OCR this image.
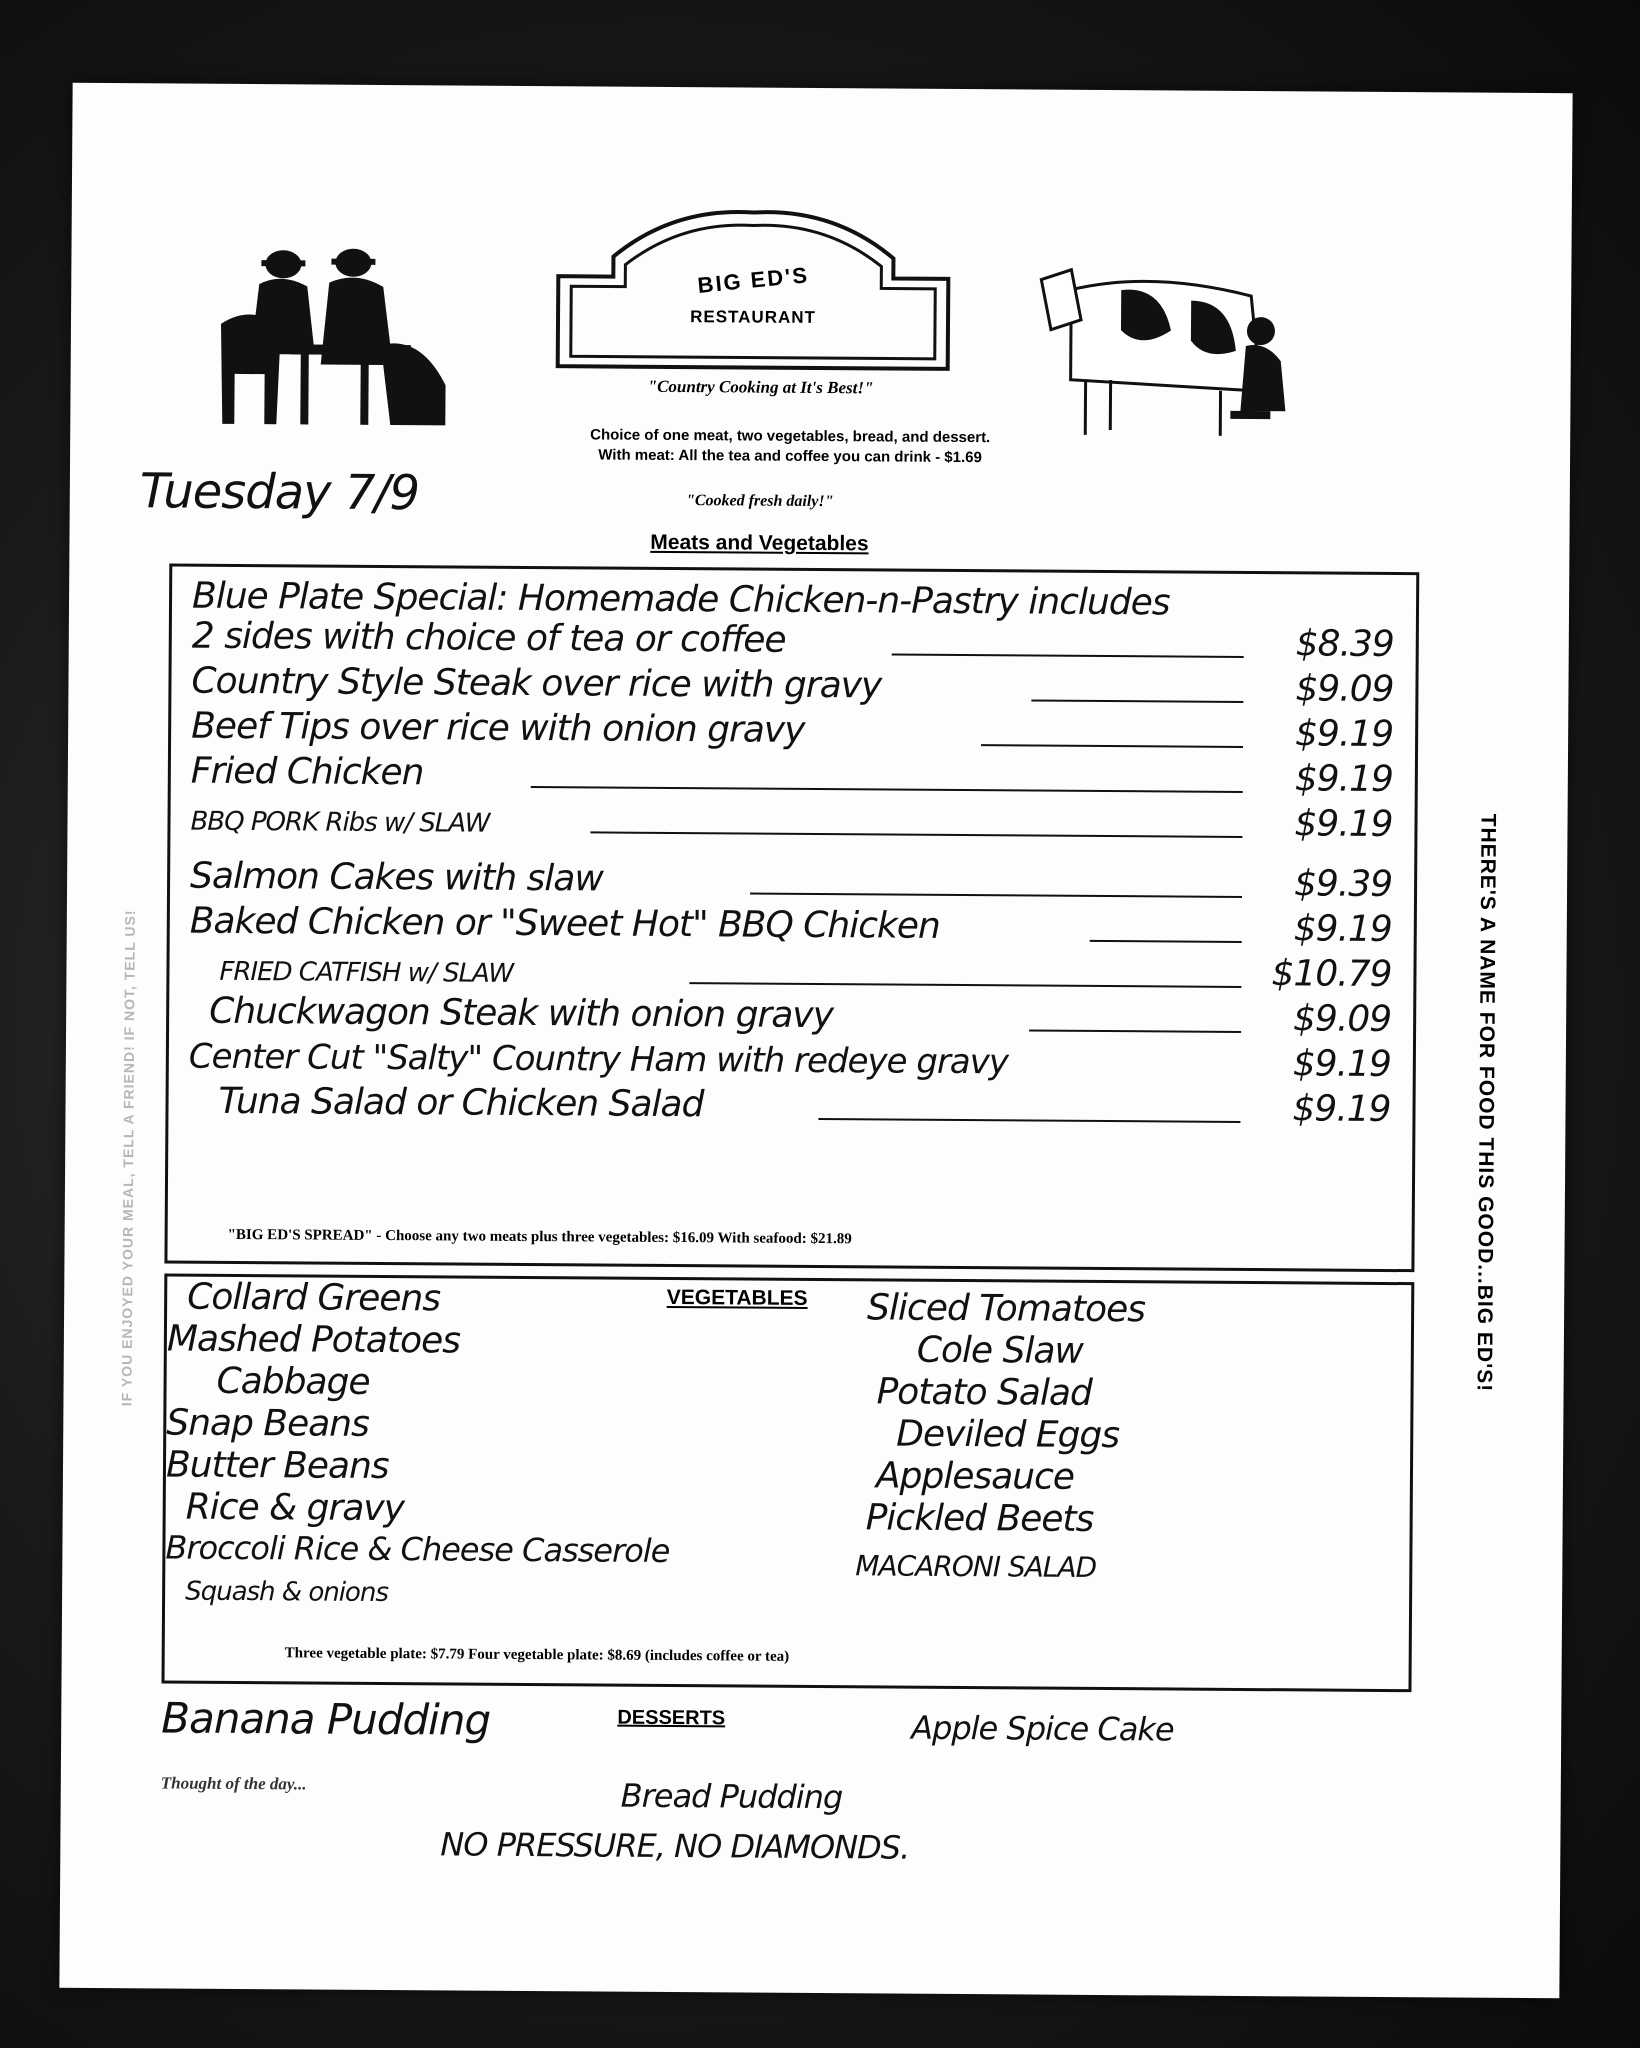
BIG ED'S
RESTAURANT
"Country Cooking at It's Best!"
Choice of one meat, two vegetables, bread, and dessert.
With meat: All the tea and coffee you can drink - $1.69
Tuesday 7/9	"Cooked fresh daily!"
Meats and Vegetables
Blue Plate Special: Homemade Chicken-n-Pastry includes
2 sides with choice of tea or coffee	$8.39
Country Style Steak over rice with gravy	$9.09
Beef Tips over rice with onion gravy	$9.19
Fried Chicken	$9.19
BBQ PORK Ribs w/ SLAW	$9.19
Salmon Cakes with slaw	$9.39
Baked Chicken or "Sweet Hot" BBQ Chicken	$9.19
FRIED CATFISH w/ SLAW	$10.79
Chuckwagon Steak with onion gravy	$9.09
Center Cut "Salty" Country Ham with redeye gravy	$9.19
Tuna Salad or Chicken Salad	$9.19
"BIG ED'S SPREAD" - Choose any two meats plus three vegetables: $16.09 With seafood: $21.89
VEGETABLES
Collard Greens
Mashed Potatoes
Cabbage
Snap Beans
Butter Beans
Rice & gravy
Broccoli Rice & Cheese Casserole
Squash & onions
Sliced Tomatoes
Cole Slaw
Potato Salad
Deviled Eggs
Applesauce
Pickled Beets
MACARONI SALAD
Three vegetable plate: $7.79 Four vegetable plate: $8.69 (includes coffee or tea)
DESSERTS
Banana Pudding	Apple Spice Cake
Bread Pudding
Thought of the day...
NO PRESSURE, NO DIAMONDS.
THERE'S A NAME FOR FOOD THIS GOOD...BIG ED'S!
IF YOU ENJOYED YOUR MEAL, TELL A FRIEND! IF NOT, TELL US!
